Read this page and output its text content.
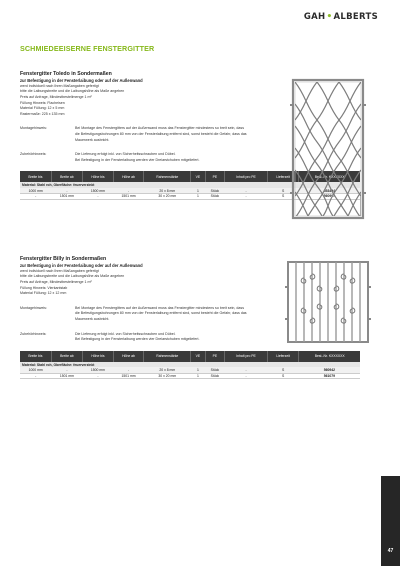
GAH • ALBERTS
SCHMIEDEEISERNE FENSTERGITTER
Fenstergitter Toledo in Sondermaßen
zur Befestigung in der Fensterlaibung oder auf der Außenwand
werd individuell nach Ihren Maßangaben gefertigt
bitte die Laibungsbreite und die Laibungshöhe als Maße angeben
Preis auf Anfrage, Mindestbestellmenge 1 m²
Füllung Hinweis: Flacheisen
Material Füllung: 12 x 5 mm
Rastermaße: 225 x 135 mm
Montagehinweis:	Bei Montage des Fenstergitters auf der Außenwand muss das Fenstergitter mindestens so breit sein, dass
die Befestigungsbohrungen 80 mm von der Fensterlaibung entfernt sind, sonst besteht die Gefahr, dass das
Mauerwerk ausbricht.
Zubehörhinweis:	Die Lieferung erfolgt inkl. von Sicherheitsschrauben und Dübel.
Bei Befestigung in der Fensterlaibung werden vier Dreiarstchuben mitgeliefert.
Breite bis	Breite ab	Höhe bis	Höhe ab	Rahmenstärke	VE	PE	Inhalt pro PE	Lieferzeit	Best.-Nr. KXXXXXX
Material: Stahl roh, Oberfläche: feuerverzinkt									
1000 mm	-	1500 mm	-	20 x 8 mm	1	Stück	-	S	553494
-	1501 mm	-	1501 mm	30 x 20 mm	1	Stück	-	S	560997
Fenstergitter Billy in Sondermaßen
zur Befestigung in der Fensterlaibung oder auf der Außenwand
werd individuell nach Ihren Maßangaben gefertigt
bitte die Laibungsbreite und die Laibungshöhe als Maße angeben
Preis auf Anfrage, Mindestbestellmenge 1 m²
Füllung Hinweis: Vierkantstab
Material Füllung: 12 x 12 mm
Montagehinweis:	Bei Montage des Fenstergitters auf der Außenwand muss das Fenstergitter mindestens so breit sein, dass
die Befestigungsbohrungen 80 mm von der Fensterlaibung entfernt sind, sonst besteht die Gefahr, dass das
Mauerwerk ausbricht.
Zubehörhinweis:	Die Lieferung erfolgt inkl. von Sicherheitsschrauben und Dübel.
Bei Befestigung in der Fensterlaibung werden vier Dreiarstchuben mitgeliefert.
Breite bis	Breite ab	Höhe bis	Höhe ab	Rahmenstärke	VE	PE	Inhalt pro PE	Lieferzeit	Best.-Nr. KXXXXXX
Material: Stahl roh, Oberfläche: feuerverzinkt									
1000 mm	-	1500 mm	-	20 x 8 mm	1	Stück	-	S	560942
-	1501 mm	-	1501 mm	30 x 20 mm	1	Stück	-	S	561079
47
